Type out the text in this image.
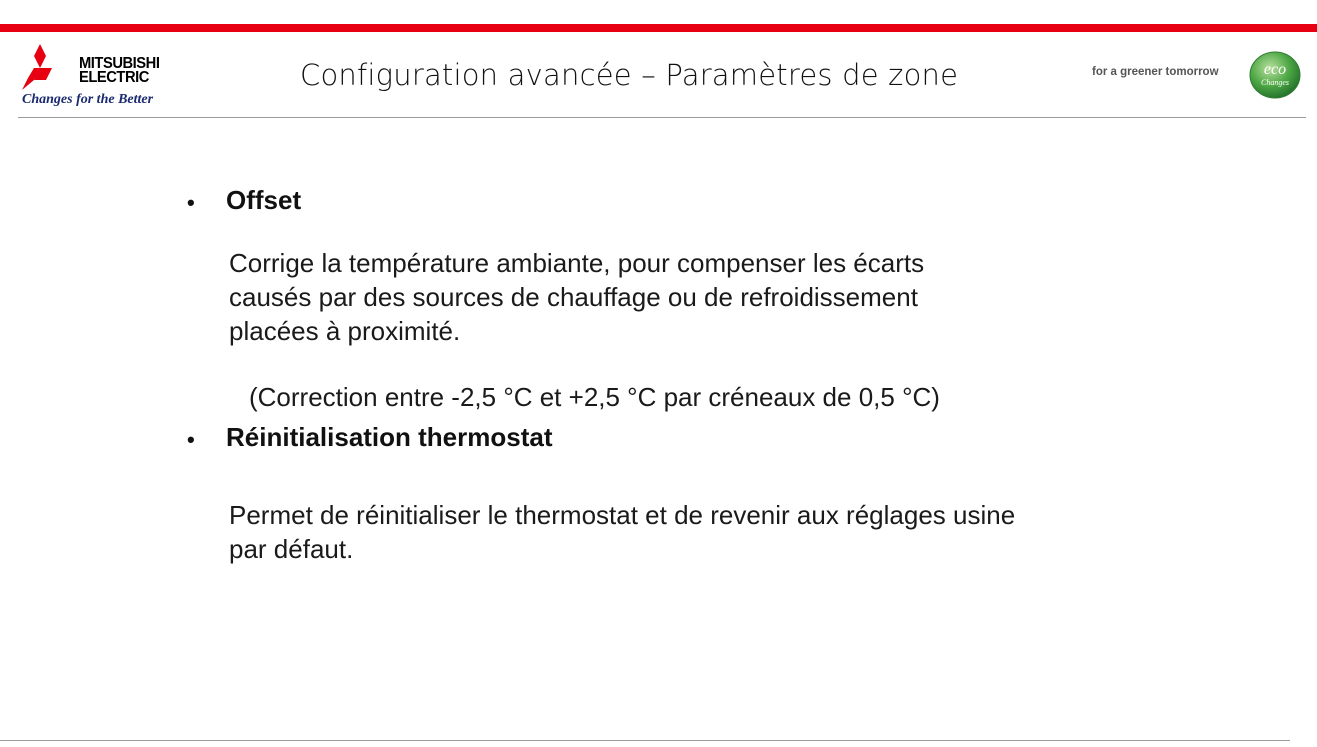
MITSUBISHI
ELECTRIC
Changes for the Better
Configuration avancée – Paramètres de zone	for a greener tomorrow	eco
Changes
• Offset
Corrige la température ambiante, pour compenser les écarts
causés par des sources de chauffage ou de refroidissement
placées à proximité.
(Correction entre -2,5 °C et +2,5 °C par créneaux de 0,5 °C)
• Réinitialisation thermostat
Permet de réinitialiser le thermostat et de revenir aux réglages usine
par défaut.
